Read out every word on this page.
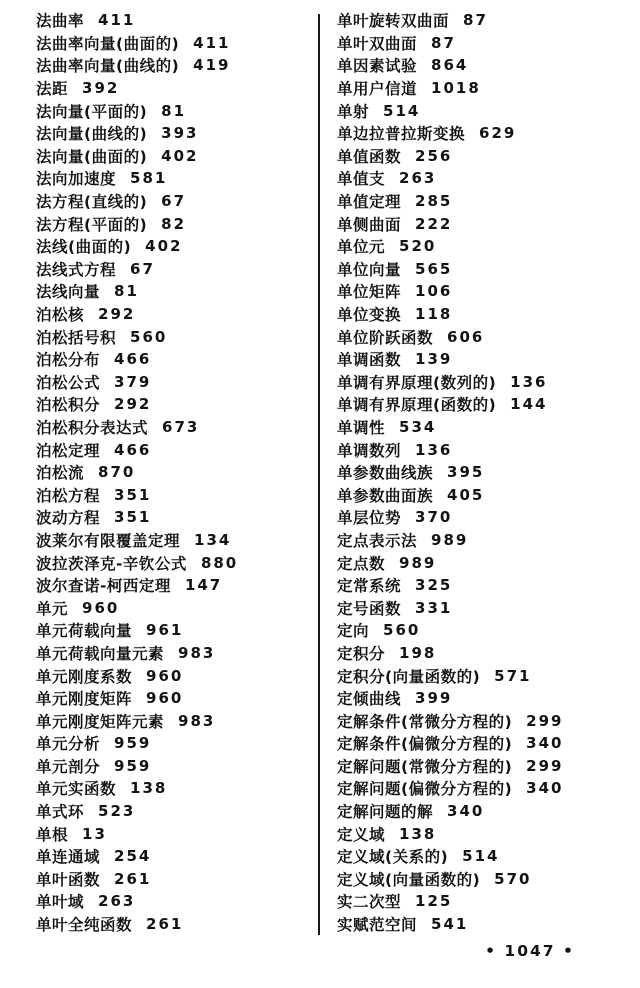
法曲率 411
法曲率向量(曲面的) 411
法曲率向量(曲线的) 419
法距 392
法向量(平面的) 81
法向量(曲线的) 393
法向量(曲面的) 402
法向加速度 581
法方程(直线的) 67
法方程(平面的) 82
法线(曲面的) 402
法线式方程 67
法线向量 81
泊松核 292
泊松括号积 560
泊松分布 466
泊松公式 379
泊松积分 292
泊松积分表达式 673
泊松定理 466
泊松流 870
泊松方程 351
波动方程 351
波莱尔有限覆盖定理 134
波拉茨泽克-辛钦公式 880
波尔查诺-柯西定理 147
单元 960
单元荷载向量 961
单元荷载向量元素 983
单元刚度系数 960
单元刚度矩阵 960
单元刚度矩阵元素 983
单元分析 959
单元剖分 959
单元实函数 138
单式环 523
单根 13
单连通域 254
单叶函数 261
单叶域 263
单叶全纯函数 261
单叶旋转双曲面 87
单叶双曲面 87
单因素试验 864
单用户信道 1018
单射 514
单边拉普拉斯变换 629
单值函数 256
单值支 263
单值定理 285
单侧曲面 222
单位元 520
单位向量 565
单位矩阵 106
单位变换 118
单位阶跃函数 606
单调函数 139
单调有界原理(数列的) 136
单调有界原理(函数的) 144
单调性 534
单调数列 136
单参数曲线族 395
单参数曲面族 405
单层位势 370
定点表示法 989
定点数 989
定常系统 325
定号函数 331
定向 560
定积分 198
定积分(向量函数的) 571
定倾曲线 399
定解条件(常微分方程的) 299
定解条件(偏微分方程的) 340
定解问题(常微分方程的) 299
定解问题(偏微分方程的) 340
定解问题的解 340
定义域 138
定义域(关系的) 514
定义域(向量函数的) 570
实二次型 125
实赋范空间 541
• 1047 •
